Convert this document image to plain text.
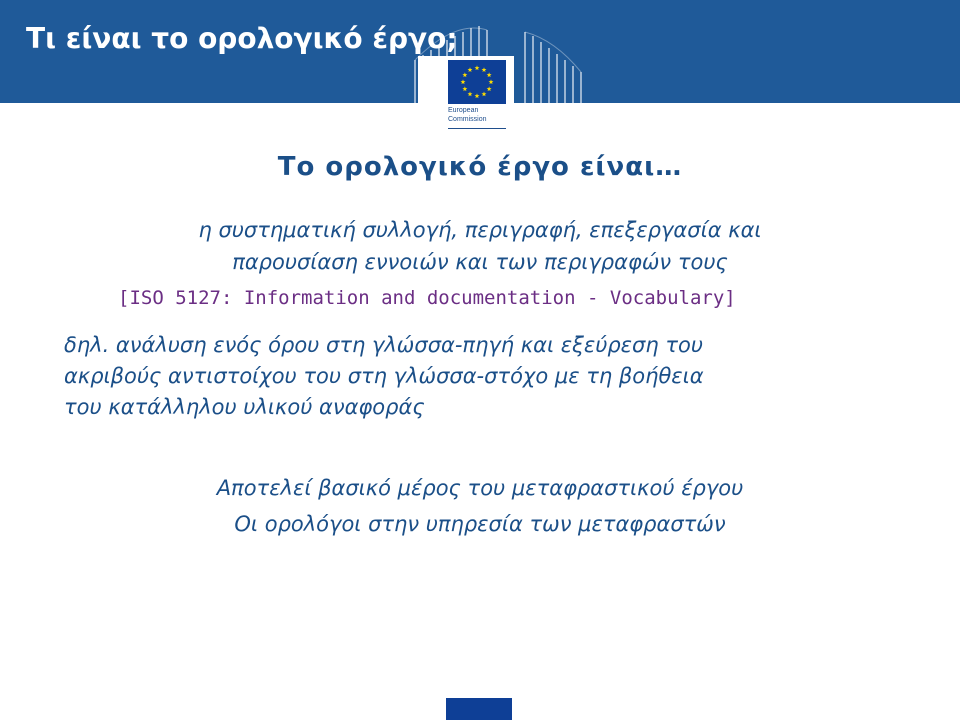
Τι είναι το ορολογικό έργο;
European
Commission
Το ορολογικό έργο είναι…
η συστηματική συλλογή, περιγραφή, επεξεργασία και
παρουσίαση εννοιών και των περιγραφών τους
[ISO 5127: Information and documentation - Vocabulary]
δηλ. ανάλυση ενός όρου στη γλώσσα-πηγή και εξεύρεση του
ακριβούς αντιστοίχου του στη γλώσσα-στόχο με τη βοήθεια
του κατάλληλου υλικού αναφοράς
Αποτελεί βασικό μέρος του μεταφραστικού έργου
Οι ορολόγοι στην υπηρεσία των μεταφραστών
